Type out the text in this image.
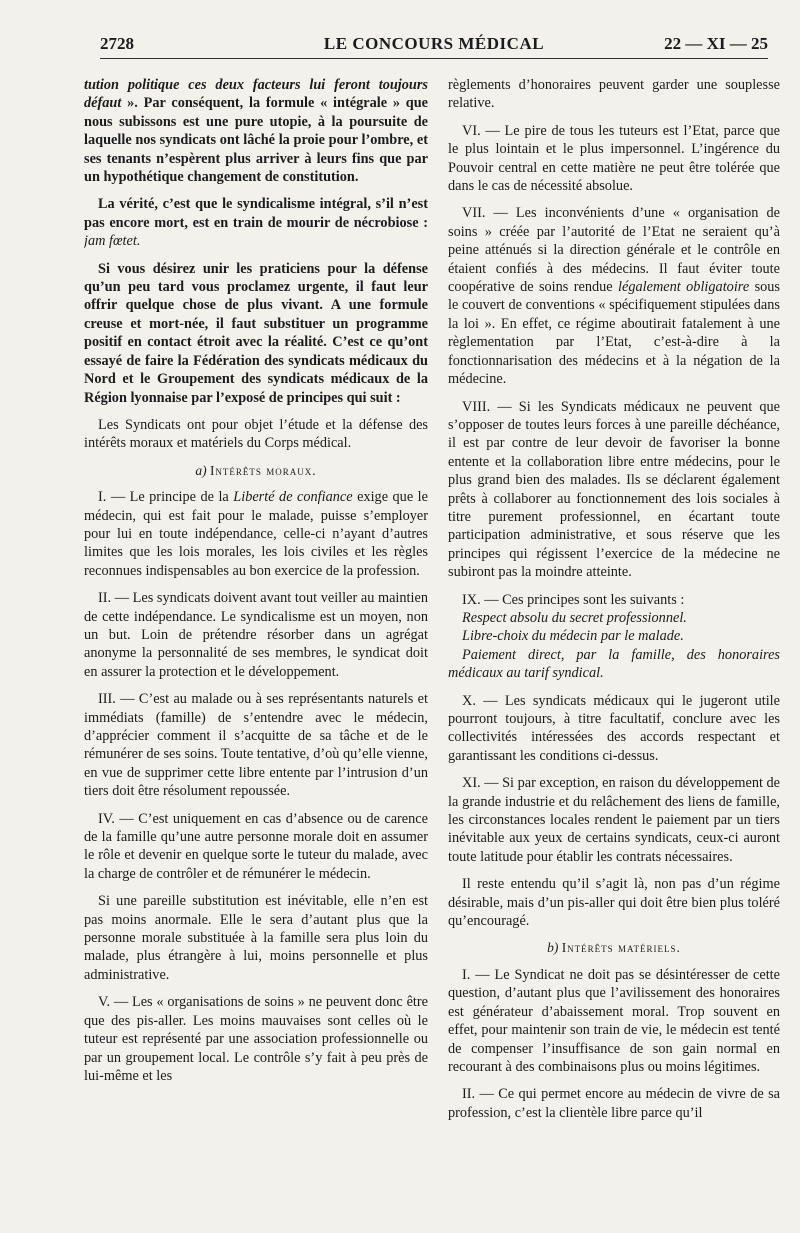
2728	LE CONCOURS MÉDICAL	22 — XI — 25

tution politique ces deux facteurs lui feront toujours défaut ». Par conséquent, la formule « intégrale » que nous subissons est une pure utopie, à la poursuite de laquelle nos syndicats ont lâché la proie pour l’ombre, et ses tenants n’espèrent plus arriver à leurs fins que par un hypothétique changement de constitution.

La vérité, c’est que le syndicalisme intégral, s’il n’est pas encore mort, est en train de mourir de nécrobiose : jam fœtet.

Si vous désirez unir les praticiens pour la défense qu’un peu tard vous proclamez urgente, il faut leur offrir quelque chose de plus vivant. A une formule creuse et mort-née, il faut substituer un programme positif en contact étroit avec la réalité. C’est ce qu’ont essayé de faire la Fédération des syndicats médicaux du Nord et le Groupement des syndicats médicaux de la Région lyonnaise par l’exposé de principes qui suit :

Les Syndicats ont pour objet l’étude et la défense des intérêts moraux et matériels du Corps médical.

a) Intérêts moraux.

I. — Le principe de la Liberté de confiance exige que le médecin, qui est fait pour le malade, puisse s’employer pour lui en toute indépendance, celle-ci n’ayant d’autres limites que les lois morales, les lois civiles et les règles reconnues indispensables au bon exercice de la profession.

II. — Les syndicats doivent avant tout veiller au maintien de cette indépendance. Le syndicalisme est un moyen, non un but. Loin de prétendre résorber dans un agrégat anonyme la personnalité de ses membres, le syndicat doit en assurer la protection et le développement.

III. — C’est au malade ou à ses représentants naturels et immédiats (famille) de s’entendre avec le médecin, d’apprécier comment il s’acquitte de sa tâche et de le rémunérer de ses soins. Toute tentative, d’où qu’elle vienne, en vue de supprimer cette libre entente par l’intrusion d’un tiers doit être résolument repoussée.

IV. — C’est uniquement en cas d’absence ou de carence de la famille qu’une autre personne morale doit en assumer le rôle et devenir en quelque sorte le tuteur du malade, avec la charge de contrôler et de rémunérer le médecin.

Si une pareille substitution est inévitable, elle n’en est pas moins anormale. Elle le sera d’autant plus que la personne morale substituée à la famille sera plus loin du malade, plus étrangère à lui, moins personnelle et plus administrative.

V. — Les « organisations de soins » ne peuvent donc être que des pis-aller. Les moins mauvaises sont celles où le tuteur est représenté par une association professionnelle ou par un groupement local. Le contrôle s’y fait à peu près de lui-même et les

règlements d’honoraires peuvent garder une souplesse relative.

VI. — Le pire de tous les tuteurs est l’Etat, parce que le plus lointain et le plus impersonnel. L’ingérence du Pouvoir central en cette matière ne peut être tolérée que dans le cas de nécessité absolue.

VII. — Les inconvénients d’une « organisation de soins » créée par l’autorité de l’Etat ne seraient qu’à peine atténués si la direction générale et le contrôle en étaient confiés à des médecins. Il faut éviter toute coopérative de soins rendue légalement obligatoire sous le couvert de conventions « spécifiquement stipulées dans la loi ». En effet, ce régime aboutirait fatalement à une règlementation par l’Etat, c’est-à-dire à la fonctionnarisation des médecins et à la négation de la médecine.

VIII. — Si les Syndicats médicaux ne peuvent que s’opposer de toutes leurs forces à une pareille déchéance, il est par contre de leur devoir de favoriser la bonne entente et la collaboration libre entre médecins, pour le plus grand bien des malades. Ils se déclarent également prêts à collaborer au fonctionnement des lois sociales à titre purement professionnel, en écartant toute participation administrative, et sous réserve que les principes qui régissent l’exercice de la médecine ne subiront pas la moindre atteinte.

IX. — Ces principes sont les suivants :

Respect absolu du secret professionnel.

Libre-choix du médecin par le malade.

Paiement direct, par la famille, des honoraires médicaux au tarif syndical.

X. — Les syndicats médicaux qui le jugeront utile pourront toujours, à titre facultatif, conclure avec les collectivités intéressées des accords respectant et garantissant les conditions ci-dessus.

XI. — Si par exception, en raison du développement de la grande industrie et du relâchement des liens de famille, les circonstances locales rendent le paiement par un tiers inévitable aux yeux de certains syndicats, ceux-ci auront toute latitude pour établir les contrats nécessaires.

Il reste entendu qu’il s’agit là, non pas d’un régime désirable, mais d’un pis-aller qui doit être bien plus toléré qu’encouragé.

b) Intérêts matériels.

I. — Le Syndicat ne doit pas se désintéresser de cette question, d’autant plus que l’avilissement des honoraires est générateur d’abaissement moral. Trop souvent en effet, pour maintenir son train de vie, le médecin est tenté de compenser l’insuffisance de son gain normal en recourant à des combinaisons plus ou moins légitimes.

II. — Ce qui permet encore au médecin de vivre de sa profession, c’est la clientèle libre parce qu’il
